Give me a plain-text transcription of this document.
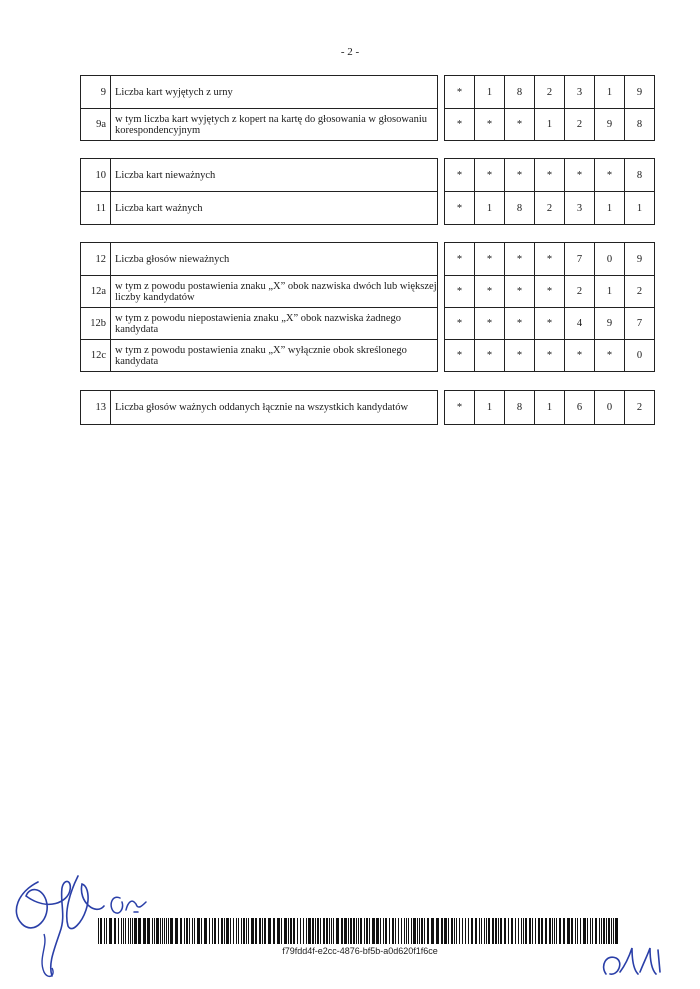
- 2 -
9	Liczba kart wyjętych z urny		*	1	8	2	3	1	9
9a	w tym liczba kart wyjętych z kopert na kartę do głosowania w głosowaniu korespondencyjnym		*	*	*	1	2	9	8
10	Liczba kart nieważnych		*	*	*	*	*	*	8
11	Liczba kart ważnych		*	1	8	2	3	1	1
12	Liczba głosów nieważnych		*	*	*	*	7	0	9
12a	w tym z powodu postawienia znaku „X” obok nazwiska dwóch lub większej liczby kandydatów		*	*	*	*	2	1	2
12b	w tym z powodu niepostawienia znaku „X” obok nazwiska żadnego kandydata		*	*	*	*	4	9	7
12c	w tym z powodu postawienia znaku „X” wyłącznie obok skreślonego kandydata		*	*	*	*	*	*	0
13	Liczba głosów ważnych oddanych łącznie na wszystkich kandydatów		*	1	8	1	6	0	2
f79fdd4f-e2cc-4876-bf5b-a0d620f1f6ce
